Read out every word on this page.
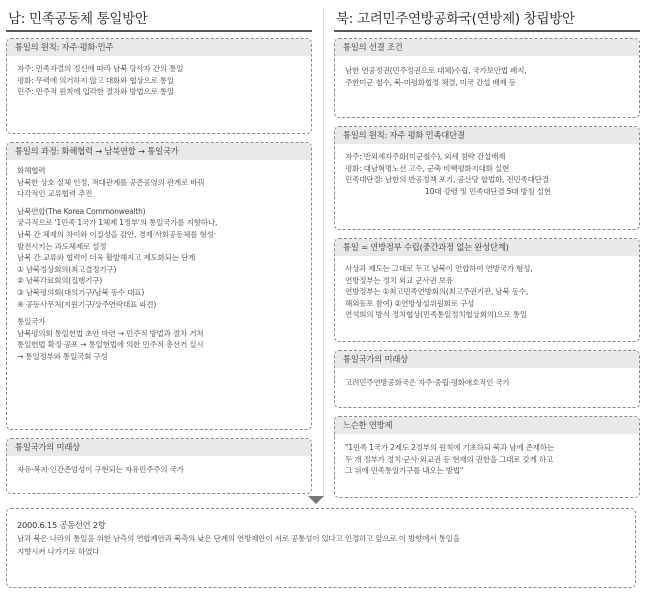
남: 민족공동체 통일방안
통일의 원칙: 자주·평화·민주
자주: 민족자결의 정신에 따라 남북 당사자 간의 통일
평화: 무력에 의거하지 않고 대화와 협상으로 통일
민주: 민주적 원칙에 입각한 절차와 방법으로 통일
통일의 과정: 화해협력 → 남북연합 → 통일국가
화해협력
남북한 상호 실체 인정, 적대관계를 공존공영의 관계로 바꿔
다각적인 교류협력 추진
남북연합(The Korea Commonwealth)
궁극적으로 '1민족 1국가 1체제 1정부'의 통일국가를 지향하나,
남북 간 체제의 차이와 이질성을 감안, 경제·사회공동체를 형성·
발전시키는 과도체제로 설정
남북 간 교류와 협력이 더욱 활발해지고 제도화되는 단계
① 남북정상회의(최고결정기구)
② 남북각료회의(집행기구)
③ 남북평의회(대의기구/남북 동수 대표)
④ 공동사무처(지원기구/상주연락대표 파견)
통일국가
남북평의회 통일헌법 초안 마련 → 민주적 방법과 절차 거쳐
통일헌법 확정·공포 → 통일헌법에 의한 민주적 총선거 실시
→ 통일정부와 통일국회 구성
통일국가의 미래상
자유·복지·인간존엄성이 구현되는 자유민주주의 국가
북: 고려민주연방공화국(연방제) 창립방안
통일의 선결 조건
남한 연공정권(민주정권으로 대체)수립, 국가보안법 폐지,
주한미군 철수, 북-미평화협정 체결, 미국 간섭 배제 등
통일의 원칙: 자주 평화 민족대단결
자주: 반외세자주화(미군철수), 외세 침략 간섭배제
평화: 대남혁명노선 고수, 군축 비핵평화지대화 실현
민족대단결: 남한의 반공정책 포기, 공산당 합법화, 전민족대단결
10대 강령 및 민족대단결 5대 방침 실현
통일 = 연방정부 수립(중간과정 없는 완성단계)
사상과 제도는 그대로 두고 남북이 연합하여 연방국가 형성,
연방정부는 정치 외교 군사권 보유
연방정부는 ①최고민족연방회의(최고주권기관, 남북 동수,
해외동포 참여) ②연방상설위원회로 구성
연석회의 방식 정치협상(민족통일정치협상회의)으로 통일
통일국가의 미래상
고려민주연방공화국은 자주·중립·평화애호적인 국가
느슨한 연방제
"1민족 1국가 2제도 2정부의 원칙에 기초하되 북과 남에 존재하는
두 개 정부가 정치·군사·외교권 등 현재의 권한을 그대로 갖게 하고
그 위에 민족통일기구를 내오는 방법"
2000.6.15 공동선언 2항
남과 북은 나라의 통일을 위한 남측의 연합제안과 북측의 낮은 단계의 연방제안이 서로 공통성이 있다고 인정하고 앞으로 이 방향에서 통일을
지향시켜 나가기로 하였다
